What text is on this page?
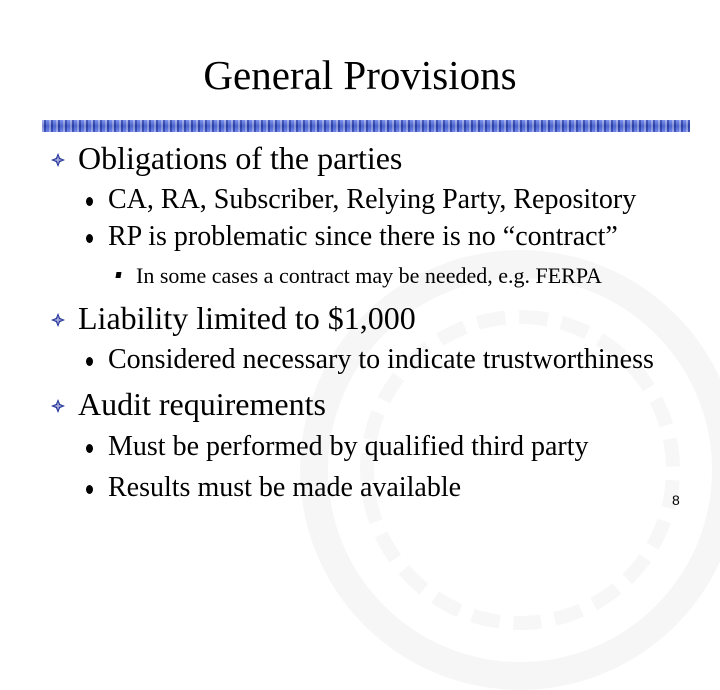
General Provisions
Obligations of the parties
CA, RA, Subscriber, Relying Party, Repository
RP is problematic since there is no “contract”
In some cases a contract may be needed, e.g. FERPA
Liability limited to $1,000
Considered necessary to indicate trustworthiness
Audit requirements
Must be performed by qualified third party
Results must be made available	8
